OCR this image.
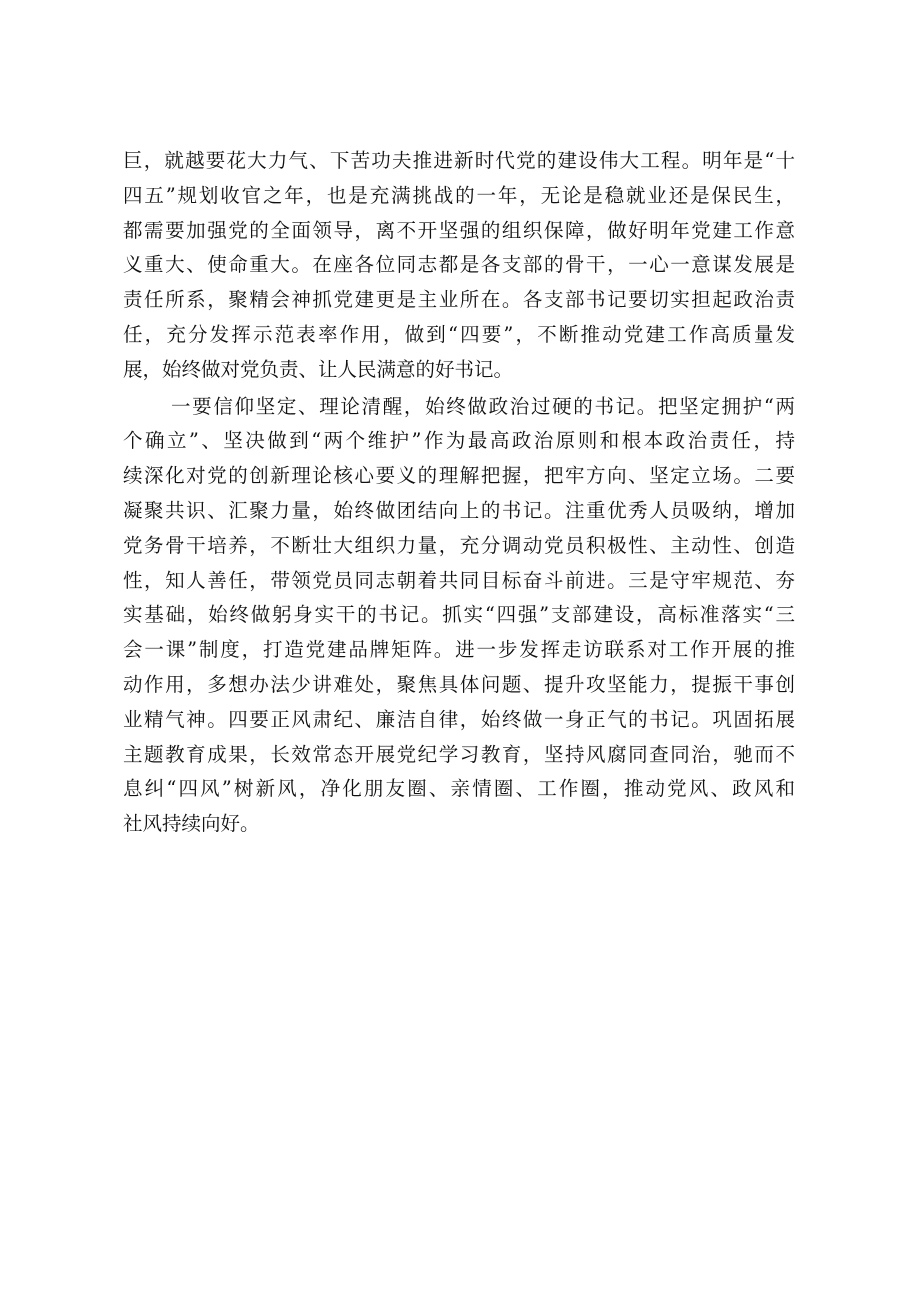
巨，就越要花大力气、下苦功夫推进新时代党的建设伟大工程。明年是“十
四五”规划收官之年，也是充满挑战的一年，无论是稳就业还是保民生，
都需要加强党的全面领导，离不开坚强的组织保障，做好明年党建工作意
义重大、使命重大。在座各位同志都是各支部的骨干，一心一意谋发展是
责任所系，聚精会神抓党建更是主业所在。各支部书记要切实担起政治责
任，充分发挥示范表率作用，做到“四要”，不断推动党建工作高质量发
展，始终做对党负责、让人民满意的好书记。
一要信仰坚定、理论清醒，始终做政治过硬的书记。把坚定拥护“两
个确立”、坚决做到“两个维护”作为最高政治原则和根本政治责任，持
续深化对党的创新理论核心要义的理解把握，把牢方向、坚定立场。二要
凝聚共识、汇聚力量，始终做团结向上的书记。注重优秀人员吸纳，增加
党务骨干培养，不断壮大组织力量，充分调动党员积极性、主动性、创造
性，知人善任，带领党员同志朝着共同目标奋斗前进。三是守牢规范、夯
实基础，始终做躬身实干的书记。抓实“四强”支部建设，高标准落实“三
会一课”制度，打造党建品牌矩阵。进一步发挥走访联系对工作开展的推
动作用，多想办法少讲难处，聚焦具体问题、提升攻坚能力，提振干事创
业精气神。四要正风肃纪、廉洁自律，始终做一身正气的书记。巩固拓展
主题教育成果，长效常态开展党纪学习教育，坚持风腐同查同治，驰而不
息纠“四风”树新风，净化朋友圈、亲情圈、工作圈，推动党风、政风和
社风持续向好。
